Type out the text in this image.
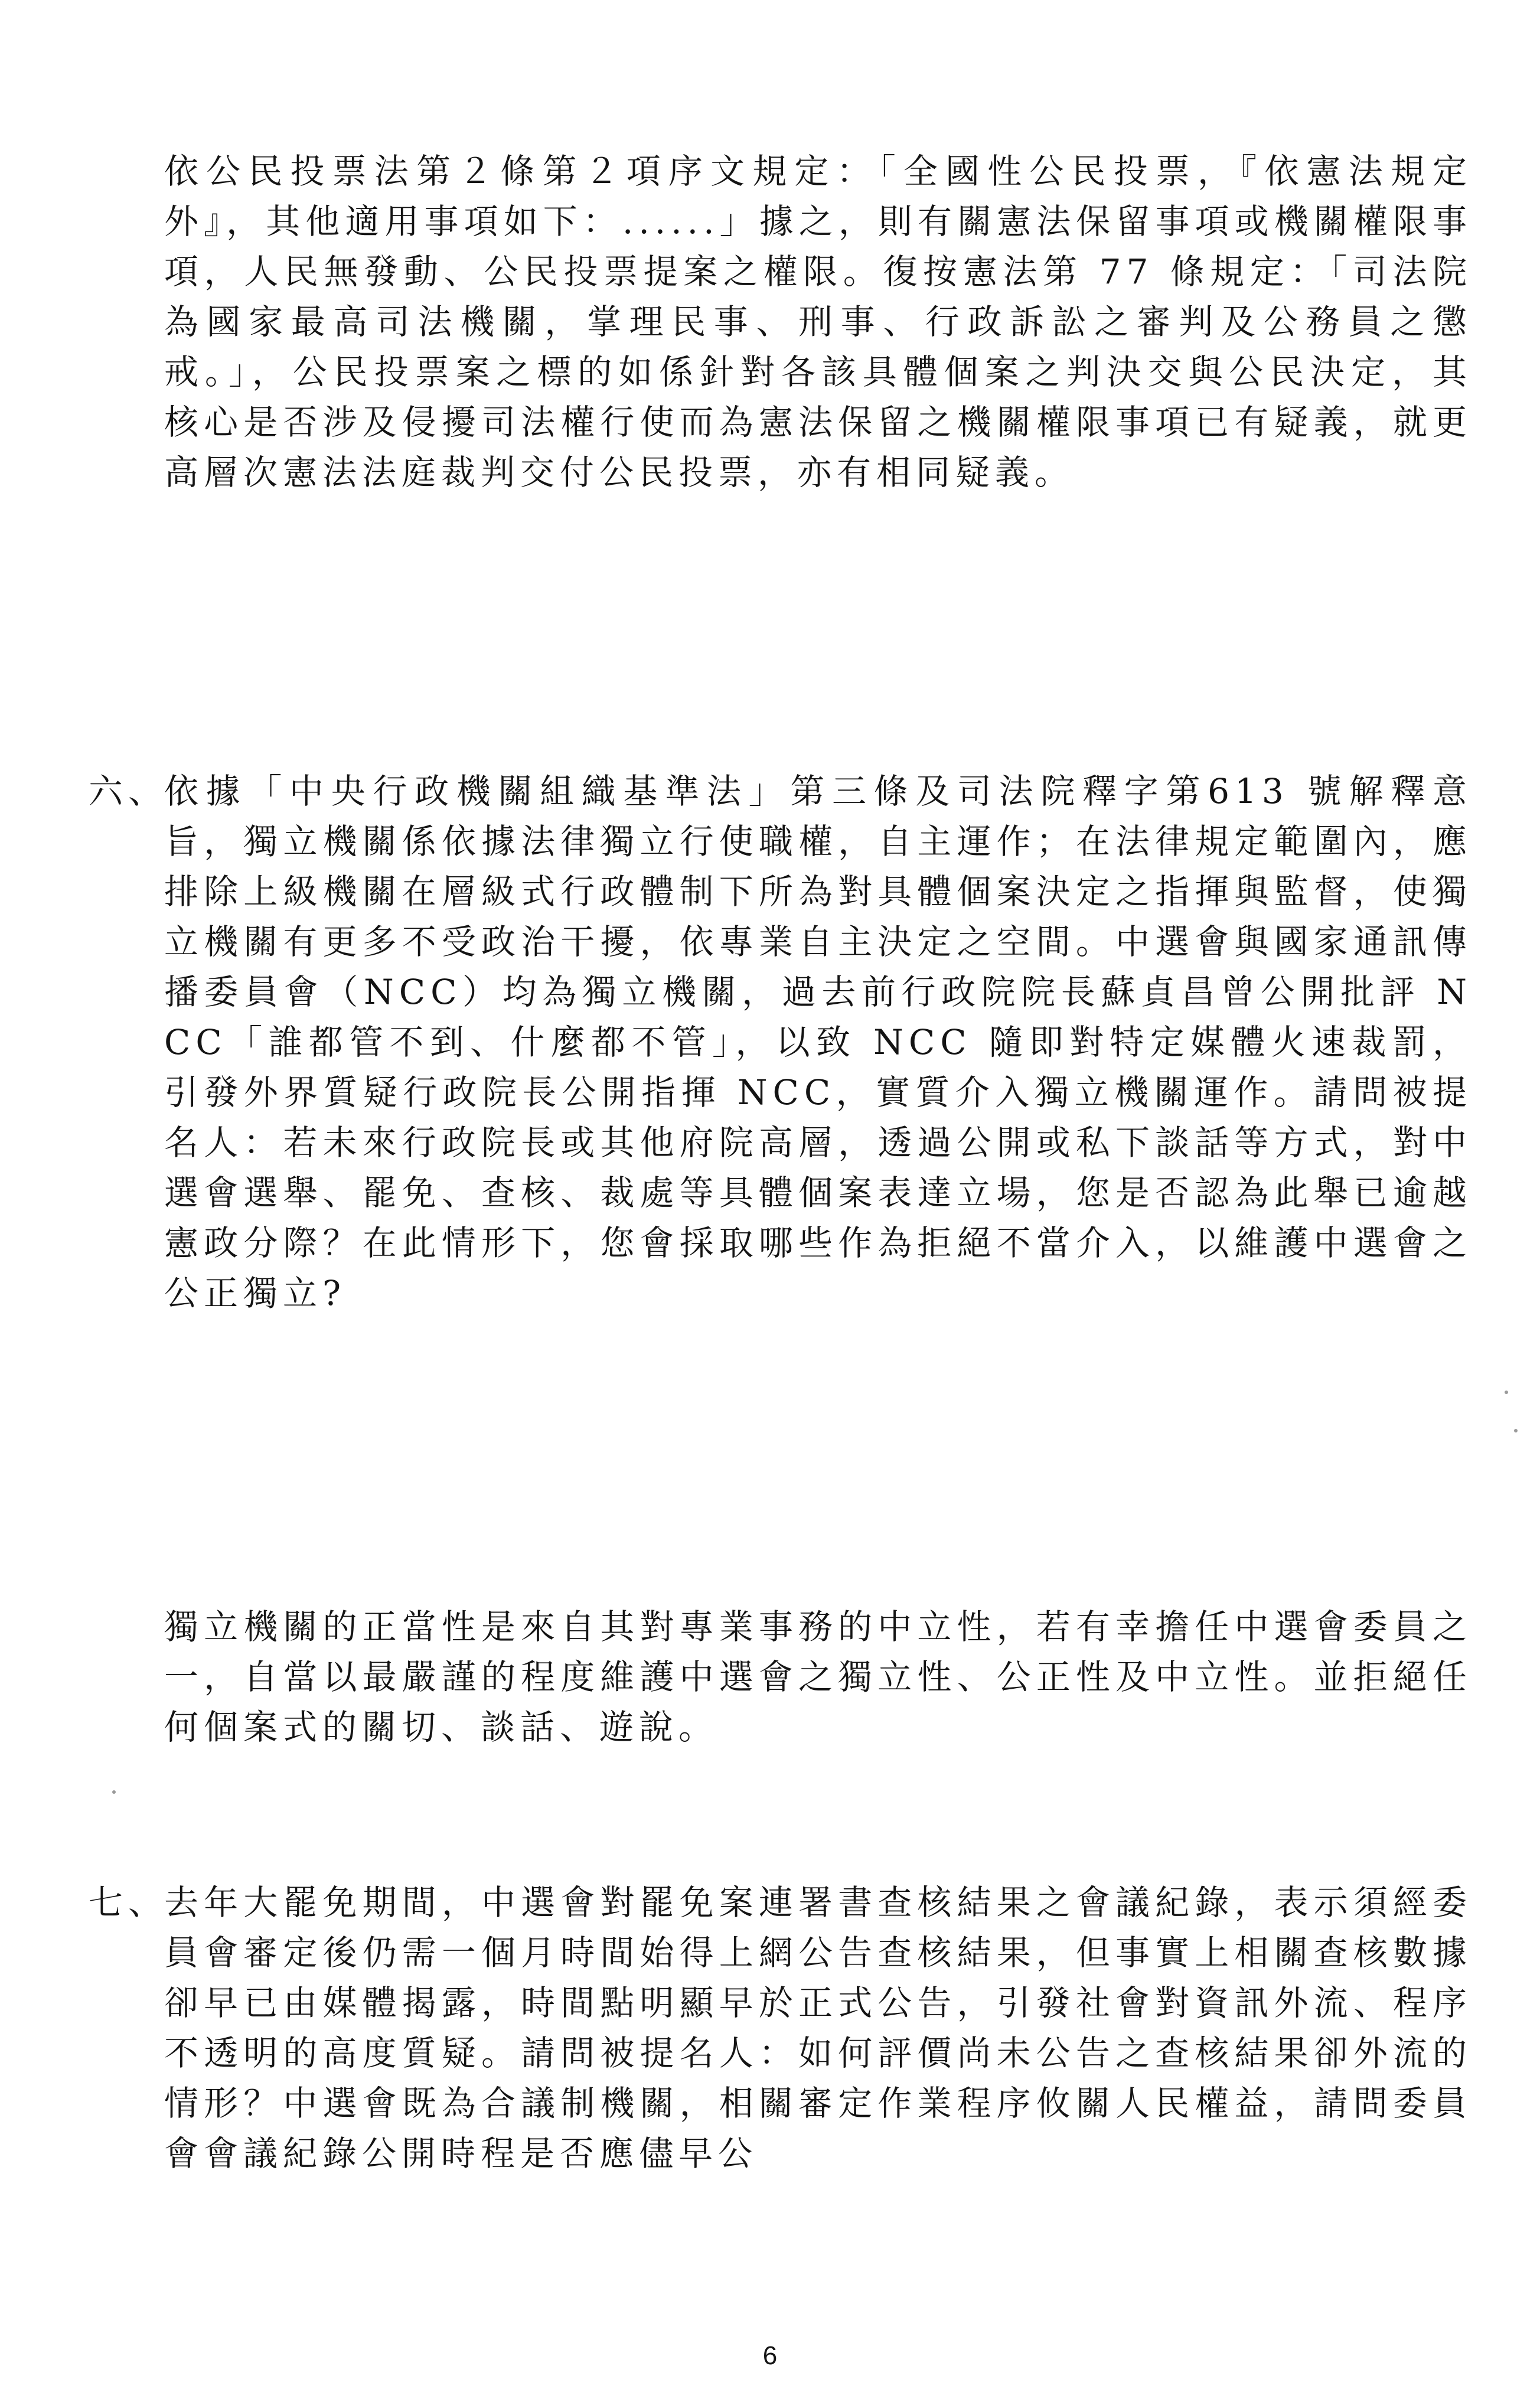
依公民投票法第２條第２項序文規定：「全國性公民投票，『依憲法規定外』，其他適用事項如下：......」據之，則有關憲法保留事項或機關權限事項，人民無發動、公民投票提案之權限。復按憲法第 77 條規定：「司法院為國家最高司法機關，掌理民事、刑事、行政訴訟之審判及公務員之懲戒。」，公民投票案之標的如係針對各該具體個案之判決交與公民決定，其核心是否涉及侵擾司法權行使而為憲法保留之機關權限事項已有疑義，就更高層次憲法法庭裁判交付公民投票，亦有相同疑義。

六、

依據「中央行政機關組織基準法」第三條及司法院釋字第613 號解釋意旨，獨立機關係依據法律獨立行使職權，自主運作；在法律規定範圍內，應排除上級機關在層級式行政體制下所為對具體個案決定之指揮與監督，使獨立機關有更多不受政治干擾，依專業自主決定之空間。中選會與國家通訊傳播委員會（NCC）均為獨立機關，過去前行政院院長蘇貞昌曾公開批評 NCC「誰都管不到、什麼都不管」，以致 NCC 隨即對特定媒體火速裁罰，引發外界質疑行政院長公開指揮 NCC，實質介入獨立機關運作。請問被提名人：若未來行政院長或其他府院高層，透過公開或私下談話等方式，對中選會選舉、罷免、查核、裁處等具體個案表達立場，您是否認為此舉已逾越憲政分際？在此情形下，您會採取哪些作為拒絕不當介入，以維護中選會之公正獨立?

獨立機關的正當性是來自其對專業事務的中立性，若有幸擔任中選會委員之一，自當以最嚴謹的程度維護中選會之獨立性、公正性及中立性。並拒絕任何個案式的關切、談話、遊說。

七、

去年大罷免期間，中選會對罷免案連署書查核結果之會議紀錄，表示須經委員會審定後仍需一個月時間始得上網公告查核結果，但事實上相關查核數據卻早已由媒體揭露，時間點明顯早於正式公告，引發社會對資訊外流、程序不透明的高度質疑。請問被提名人：如何評價尚未公告之查核結果卻外流的情形？中選會既為合議制機關，相關審定作業程序攸關人民權益，請問委員會會議紀錄公開時程是否應儘早公

6
